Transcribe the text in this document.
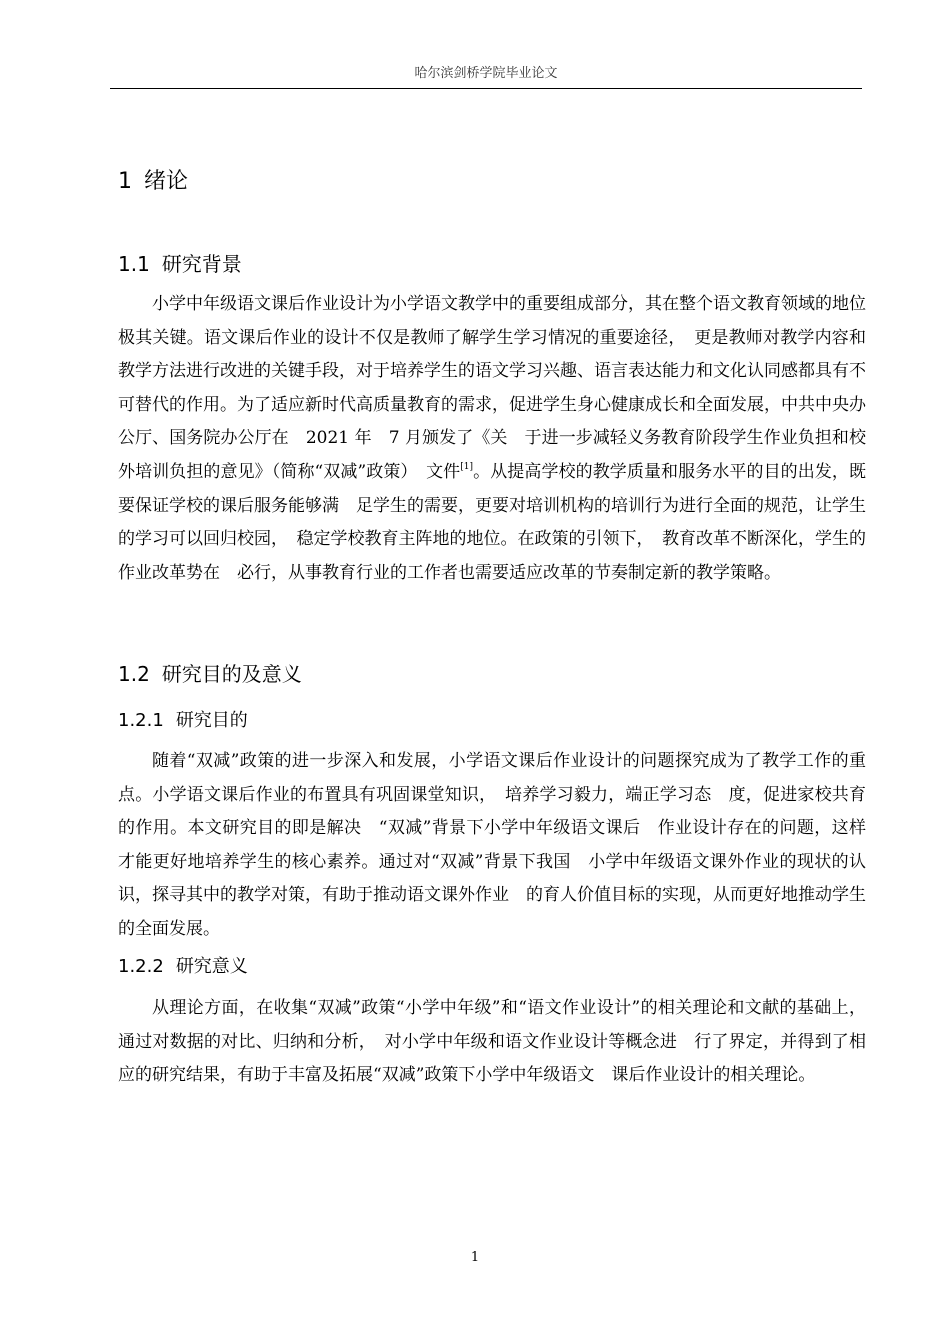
哈尔滨剑桥学院毕业论文
1 绪论
1.1 研究背景

小学中年级语文课后作业设计为小学语文教学中的重要组成部分，其在整个语文教育领域的地位极其关键。语文课后作业的设计不仅是教师了解学生学习情况的重要途径，　更是教师对教学内容和教学方法进行改进的关键手段，对于培养学生的语文学习兴趣、语言表达能力和文化认同感都具有不可替代的作用。为了适应新时代高质量教育的需求，促进学生身心健康成长和全面发展，中共中央办公厅、国务院办公厅在　2021 年　7 月颁发了《关　于进一步减轻义务教育阶段学生作业负担和校外培训负担的意见》（简称“双减”政策）　文件[1]。从提高学校的教学质量和服务水平的目的出发，既要保证学校的课后服务能够满　足学生的需要，更要对培训机构的培训行为进行全面的规范，让学生的学习可以回归校园，　稳定学校教育主阵地的地位。在政策的引领下，　教育改革不断深化，学生的作业改革势在　必行，从事教育行业的工作者也需要适应改革的节奏制定新的教学策略。

1.2 研究目的及意义
1.2.1 研究目的

随着“双减”政策的进一步深入和发展，小学语文课后作业设计的问题探究成为了教学工作的重点。小学语文课后作业的布置具有巩固课堂知识，　培养学习毅力，端正学习态　度，促进家校共育的作用。本文研究目的即是解决　“双减”背景下小学中年级语文课后　作业设计存在的问题，这样才能更好地培养学生的核心素养。通过对“双减”背景下我国　小学中年级语文课外作业的现状的认识，探寻其中的教学对策，有助于推动语文课外作业　的育人价值目标的实现，从而更好地推动学生的全面发展。

1.2.2 研究意义

从理论方面，在收集“双减”政策“小学中年级”和“语文作业设计”的相关理论和文献的基础上，通过对数据的对比、归纳和分析，　对小学中年级和语文作业设计等概念进　行了界定，并得到了相应的研究结果，有助于丰富及拓展“双减”政策下小学中年级语文　课后作业设计的相关理论。

1
